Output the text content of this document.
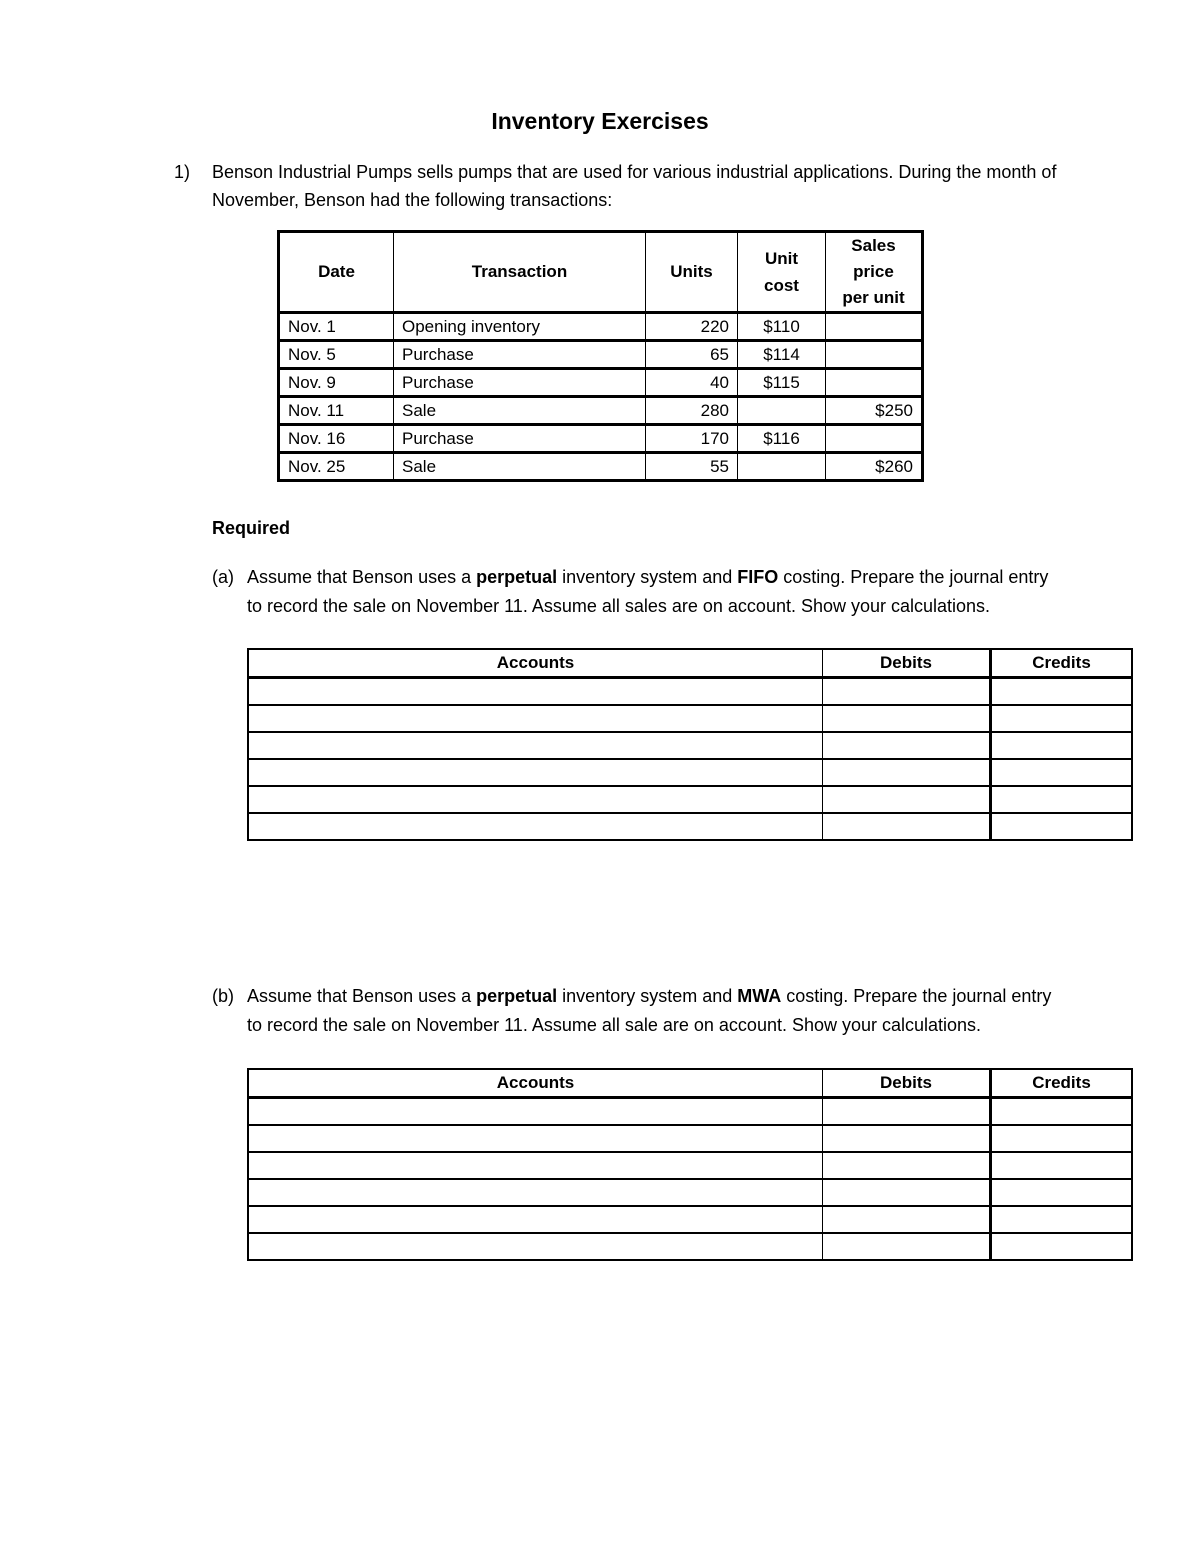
Inventory Exercises
1) Benson Industrial Pumps sells pumps that are used for various industrial applications. During the month of November, Benson had the following transactions:
Date	Transaction	Units	Unit cost	Sales price per unit

Nov. 1	Opening inventory	220	$110	
Nov. 5	Purchase	65	$114	
Nov. 9	Purchase	40	$115	
Nov. 11	Sale	280		$250
Nov. 16	Purchase	170	$116	
Nov. 25	Sale	55		$260
Required
(a) Assume that Benson uses a perpetual inventory system and FIFO costing. Prepare the journal entry to record the sale on November 11. Assume all sales are on account. Show your calculations.
Accounts	Debits	Credits

(b) Assume that Benson uses a perpetual inventory system and MWA costing. Prepare the journal entry to record the sale on November 11. Assume all sale are on account. Show your calculations.
Accounts	Debits	Credits
